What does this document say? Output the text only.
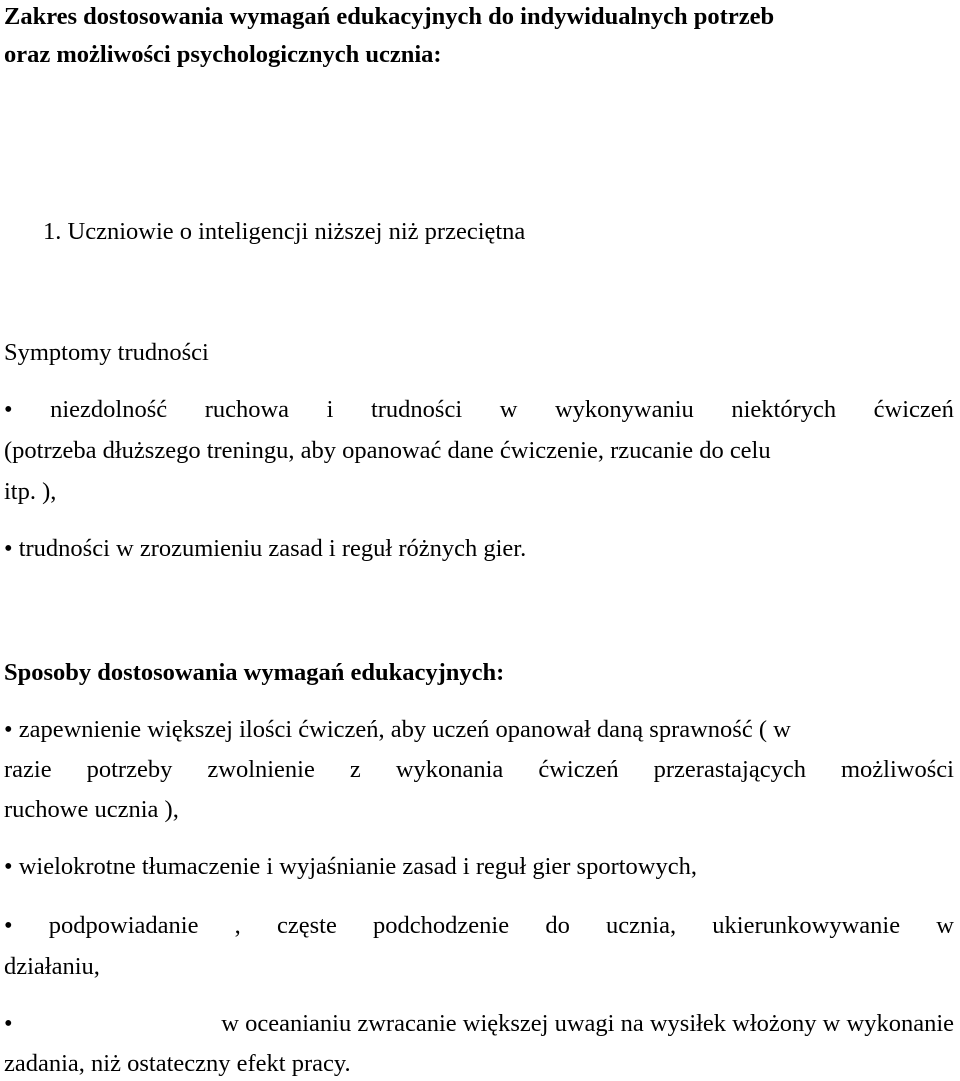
Zakres dostosowania wymagań edukacyjnych do indywidualnych potrzeb
oraz możliwości psychologicznych ucznia:
1. Uczniowie o inteligencji niższej niż przeciętna
Symptomy trudności
• niezdolność ruchowa i trudności w wykonywaniu niektórych ćwiczeń
(potrzeba dłuższego treningu, aby opanować dane ćwiczenie, rzucanie do celu
itp. ),
• trudności w zrozumieniu zasad i reguł różnych gier.
Sposoby dostosowania wymagań edukacyjnych:
• zapewnienie większej ilości ćwiczeń, aby uczeń opanował daną sprawność ( w
razie potrzeby zwolnienie z wykonania ćwiczeń przerastających możliwości
ruchowe ucznia ),
• wielokrotne tłumaczenie i wyjaśnianie zasad i reguł gier sportowych,
• podpowiadanie , częste podchodzenie do ucznia, ukierunkowywanie w
działaniu,
•	w oceanianiu zwracanie większej uwagi na wysiłek włożony w wykonanie
zadania, niż ostateczny efekt pracy.
